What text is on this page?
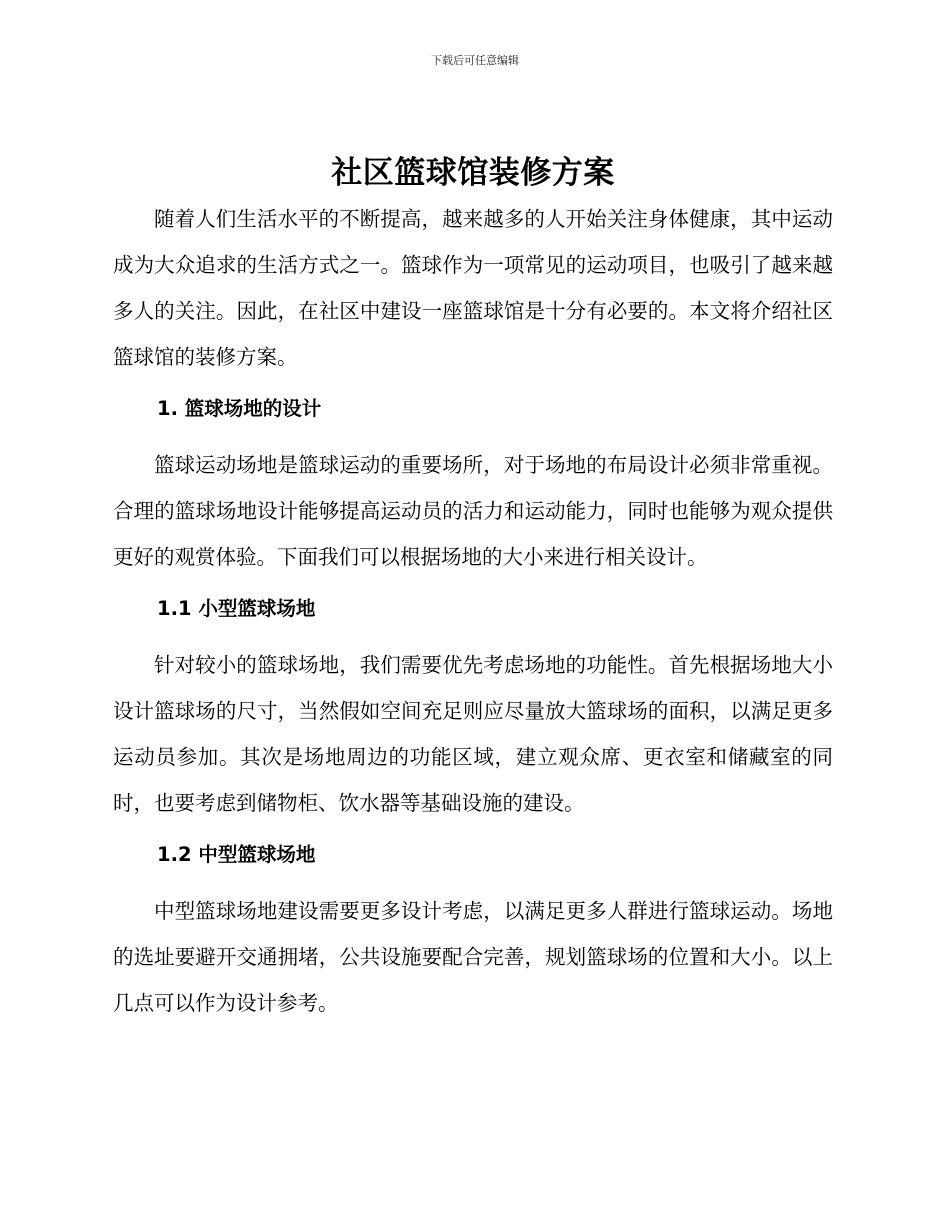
下载后可任意编辑
社区篮球馆装修方案

随着人们生活水平的不断提高，越来越多的人开始关注身体健康，其中运动成为大众追求的生活方式之一。篮球作为一项常见的运动项目，也吸引了越来越多人的关注。因此，在社区中建设一座篮球馆是十分有必要的。本文将介绍社区篮球馆的装修方案。

1. 篮球场地的设计

篮球运动场地是篮球运动的重要场所，对于场地的布局设计必须非常重视。合理的篮球场地设计能够提高运动员的活力和运动能力，同时也能够为观众提供更好的观赏体验。下面我们可以根据场地的大小来进行相关设计。

1.1 小型篮球场地

针对较小的篮球场地，我们需要优先考虑场地的功能性。首先根据场地大小设计篮球场的尺寸，当然假如空间充足则应尽量放大篮球场的面积，以满足更多运动员参加。其次是场地周边的功能区域，建立观众席、更衣室和储藏室的同时，也要考虑到储物柜、饮水器等基础设施的建设。

1.2 中型篮球场地

中型篮球场地建设需要更多设计考虑，以满足更多人群进行篮球运动。场地的选址要避开交通拥堵，公共设施要配合完善，规划篮球场的位置和大小。以上几点可以作为设计参考。
